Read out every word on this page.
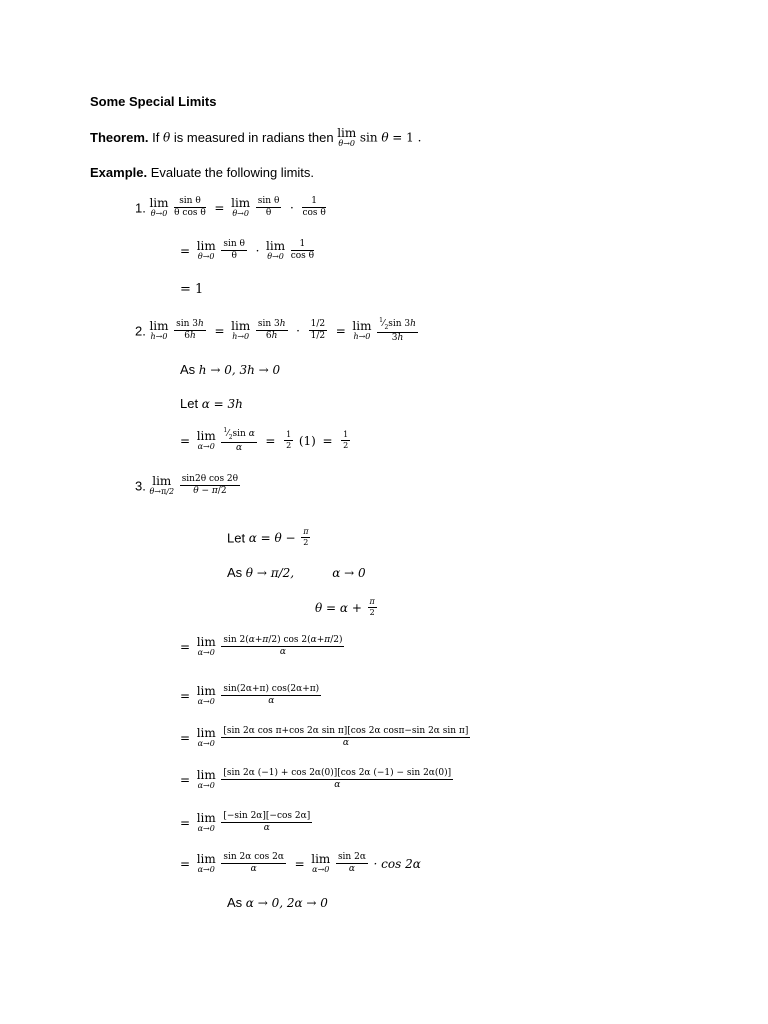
Some Special Limits
Theorem. If θ is measured in radians then lim
θ→0 sin θ = 1 .
Example. Evaluate the following limits.
1. lim
θ→0
$\frac{\text{sin θ}}{\text{θ cos θ}} = \lim$
θ→0
$\frac{\text{sin θ}}{\theta} \cdot \frac{1}{\text{cos θ}}$
= lim
θ→0
$\frac{\text{sin θ}}{\theta} \cdot \lim$
θ→0
$\frac{1}{\text{cos θ}}$
= 1
2. lim
h→0
$\frac{\sin 3h}{6h} = \lim$
h→0
$\frac{\sin 3h}{6h} \cdot \frac{1/2}{1/2} = \lim$
h→0
$\frac{^1⁄_2\sin 3h}{3h}$
As h → 0, 3h → 0
Let α = 3h
= lim
α→0
$\frac{^1⁄_2\sin \alpha}{\alpha} = \frac{1}{2} (1) = \frac{1}{2}$
3. lim
θ→π/2
$\frac{\text{sin2θ cos 2θ}}{\theta - \pi/2}$
Let $\alpha = \theta - \frac{\pi}{2}$
As θ → π/2,          α → 0
$\theta = \alpha + \frac{\pi}{2}$
= lim
α→0
$\frac{\sin 2(\alpha+\pi/2) \cos 2(\alpha+\pi/2)}{\alpha}$
= lim
α→0
$\frac{\sin(2\alpha+\pi) \cos(2\alpha+\pi)}{\alpha}$
= lim
α→0
$\frac{\text{[sin 2α cos π+cos 2α sin π][cos 2α cosπ−sin 2α sin π]}}{\alpha}$
= lim
α→0
$\frac{[\sin 2\alpha (-1) + \cos 2\alpha(0)][\cos 2\alpha (-1) - \sin 2\alpha(0)]}{\alpha}$
= lim
α→0
$\frac{[-\sin 2\alpha][-\cos 2\alpha]}{\alpha}$
= lim
α→0
$\frac{\text{sin 2α cos 2α}}{\alpha} = \lim$
α→0
$\frac{\sin 2\alpha}{\alpha} \cdot \cos 2\alpha$
As α → 0, 2α → 0
